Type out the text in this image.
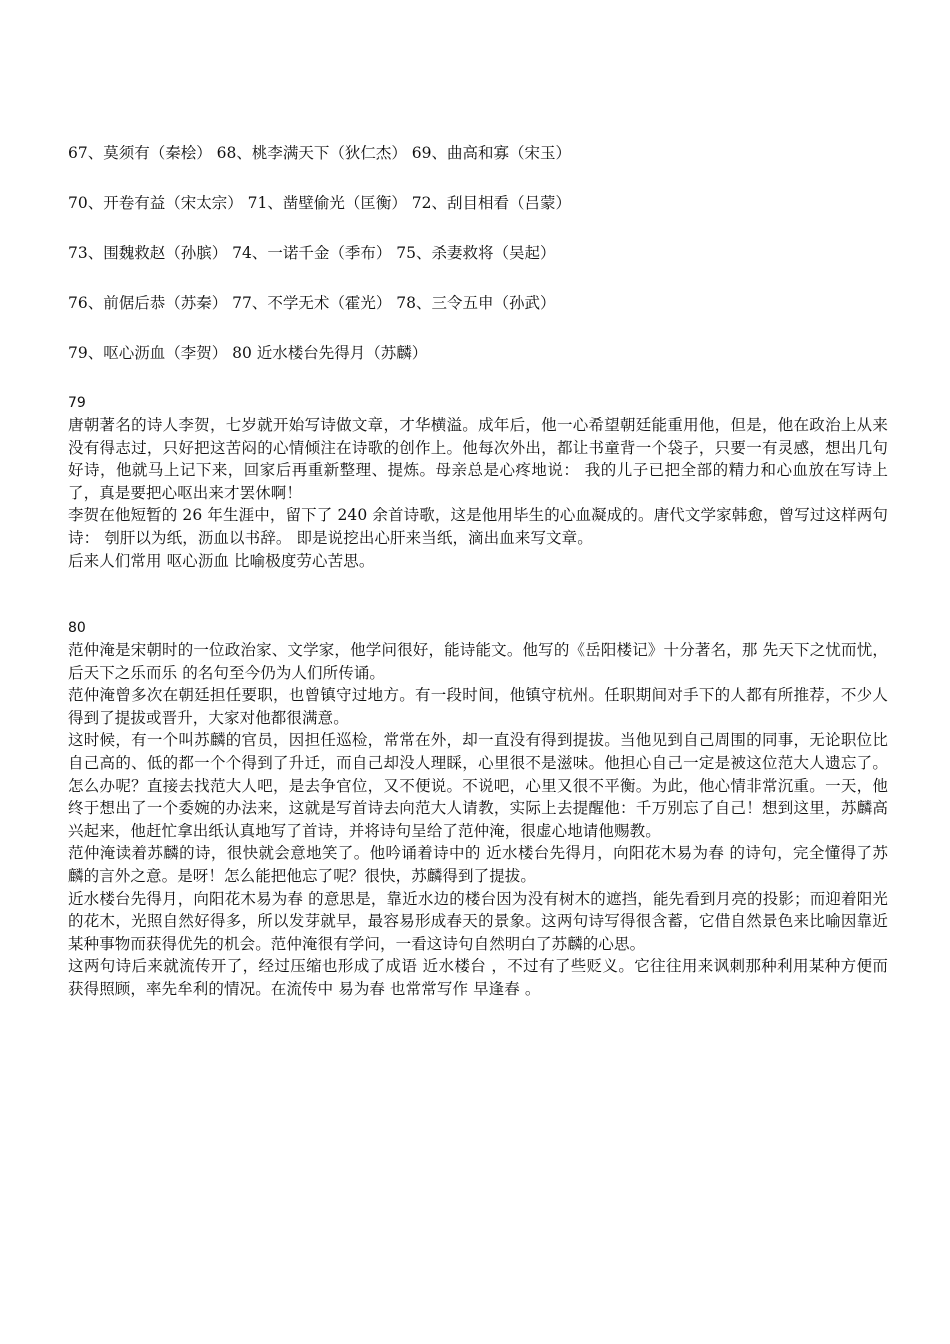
67、莫须有（秦桧） 68、桃李满天下（狄仁杰） 69、曲高和寡（宋玉）
70、开卷有益（宋太宗） 71、凿壁偷光（匡衡） 72、刮目相看（吕蒙）
73、围魏救赵（孙膑） 74、一诺千金（季布） 75、杀妻救将（吴起）
76、前倨后恭（苏秦） 77、不学无术（霍光） 78、三令五申（孙武）
79、呕心沥血（李贺） 80 近水楼台先得月（苏麟）
79

唐朝著名的诗人李贺，七岁就开始写诗做文章，才华横溢。成年后，他一心希望朝廷能重用他，但是，他在政治上从来没有得志过，只好把这苦闷的心情倾注在诗歌的创作上。他每次外出，都让书童背一个袋子，只要一有灵感，想出几句好诗，他就马上记下来，回家后再重新整理、提炼。母亲总是心疼地说： 我的儿子已把全部的精力和心血放在写诗上了，真是要把心呕出来才罢休啊！

李贺在他短暂的 26 年生涯中，留下了 240 余首诗歌，这是他用毕生的心血凝成的。唐代文学家韩愈，曾写过这样两句诗： 刳肝以为纸，沥血以书辞。 即是说挖出心肝来当纸，滴出血来写文章。

后来人们常用 呕心沥血 比喻极度劳心苦思。

80

范仲淹是宋朝时的一位政治家、文学家，他学问很好，能诗能文。他写的《岳阳楼记》十分著名，那 先天下之忧而忧，后天下之乐而乐 的名句至今仍为人们所传诵。

范仲淹曾多次在朝廷担任要职，也曾镇守过地方。有一段时间，他镇守杭州。任职期间对手下的人都有所推荐，不少人得到了提拔或晋升，大家对他都很满意。

这时候，有一个叫苏麟的官员，因担任巡检，常常在外，却一直没有得到提拔。当他见到自己周围的同事，无论职位比自己高的、低的都一个个得到了升迁，而自己却没人理睬，心里很不是滋味。他担心自己一定是被这位范大人遗忘了。怎么办呢？直接去找范大人吧，是去争官位，又不便说。不说吧，心里又很不平衡。为此，他心情非常沉重。一天，他终于想出了一个委婉的办法来，这就是写首诗去向范大人请教，实际上去提醒他：千万别忘了自己！想到这里，苏麟高兴起来，他赶忙拿出纸认真地写了首诗，并将诗句呈给了范仲淹，很虚心地请他赐教。

范仲淹读着苏麟的诗，很快就会意地笑了。他吟诵着诗中的 近水楼台先得月，向阳花木易为春 的诗句，完全懂得了苏麟的言外之意。是呀！怎么能把他忘了呢？很快，苏麟得到了提拔。

近水楼台先得月，向阳花木易为春 的意思是，靠近水边的楼台因为没有树木的遮挡，能先看到月亮的投影；而迎着阳光的花木，光照自然好得多，所以发芽就早，最容易形成春天的景象。这两句诗写得很含蓄，它借自然景色来比喻因靠近某种事物而获得优先的机会。范仲淹很有学问，一看这诗句自然明白了苏麟的心思。

这两句诗后来就流传开了，经过压缩也形成了成语 近水楼台 ，不过有了些贬义。它往往用来讽刺那种利用某种方便而获得照顾，率先牟利的情况。在流传中 易为春 也常常写作 早逢春 。
